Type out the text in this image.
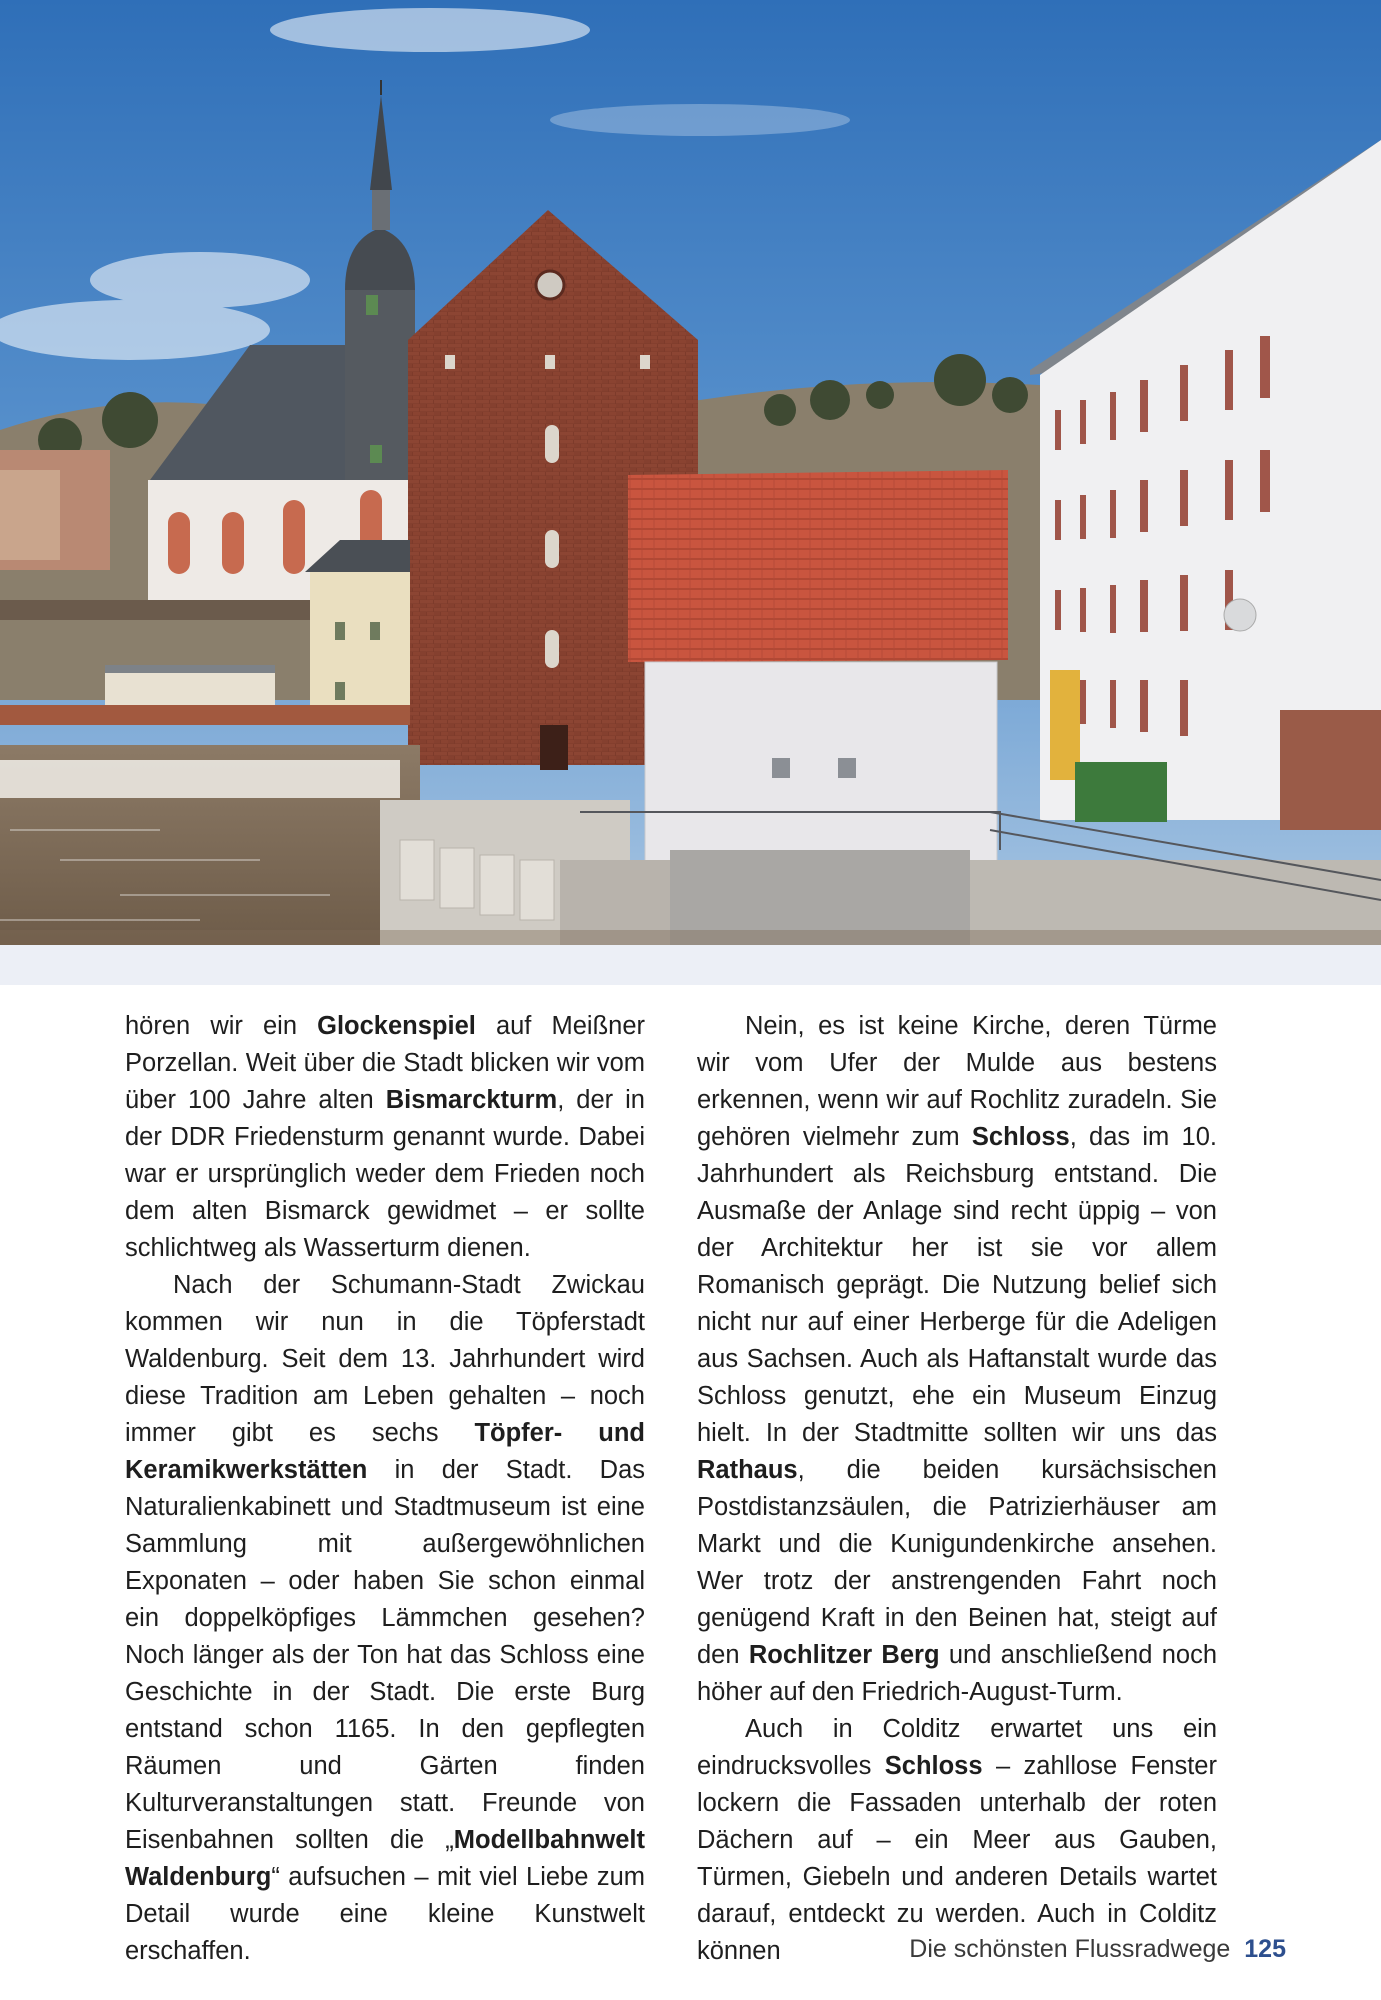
hören wir ein Glockenspiel auf Meißner Porzellan. Weit über die Stadt blicken wir vom über 100 Jahre alten Bismarckturm, der in der DDR Friedensturm genannt wurde. Dabei war er ursprünglich weder dem Frieden noch dem alten Bismarck gewidmet – er sollte schlichtweg als Wasserturm dienen.

Nach der Schumann-Stadt Zwickau kommen wir nun in die Töpferstadt Waldenburg. Seit dem 13. Jahrhundert wird diese Tradition am Leben gehalten – noch immer gibt es sechs Töpfer- und Keramikwerkstätten in der Stadt. Das Naturalienkabinett und Stadtmuseum ist eine Sammlung mit außergewöhnlichen Exponaten – oder haben Sie schon einmal ein doppelköpfiges Lämmchen gesehen? Noch länger als der Ton hat das Schloss eine Geschichte in der Stadt. Die erste Burg entstand schon 1165. In den gepflegten Räumen und Gärten finden Kulturveranstaltungen statt. Freunde von Eisenbahnen sollten die „Modellbahnwelt Waldenburg“ aufsuchen – mit viel Liebe zum Detail wurde eine kleine Kunstwelt erschaffen.

Nein, es ist keine Kirche, deren Türme wir vom Ufer der Mulde aus bestens erkennen, wenn wir auf Rochlitz zuradeln. Sie gehören vielmehr zum Schloss, das im 10. Jahrhundert als Reichsburg entstand. Die Ausmaße der Anlage sind recht üppig – von der Architektur her ist sie vor allem Romanisch geprägt. Die Nutzung belief sich nicht nur auf einer Herberge für die Adeligen aus Sachsen. Auch als Haftanstalt wurde das Schloss genutzt, ehe ein Museum Einzug hielt. In der Stadtmitte sollten wir uns das Rathaus, die beiden kursächsischen Postdistanzsäulen, die Patrizierhäuser am Markt und die Kunigundenkirche ansehen. Wer trotz der anstrengenden Fahrt noch genügend Kraft in den Beinen hat, steigt auf den Rochlitzer Berg und anschließend noch höher auf den Friedrich-August-Turm.

Auch in Colditz erwartet uns ein eindrucksvolles Schloss – zahllose Fenster lockern die Fassaden unterhalb der roten Dächern auf – ein Meer aus Gauben, Türmen, Giebeln und anderen Details wartet darauf, entdeckt zu werden. Auch in Colditz können	Die schönsten Flussradwege 125
